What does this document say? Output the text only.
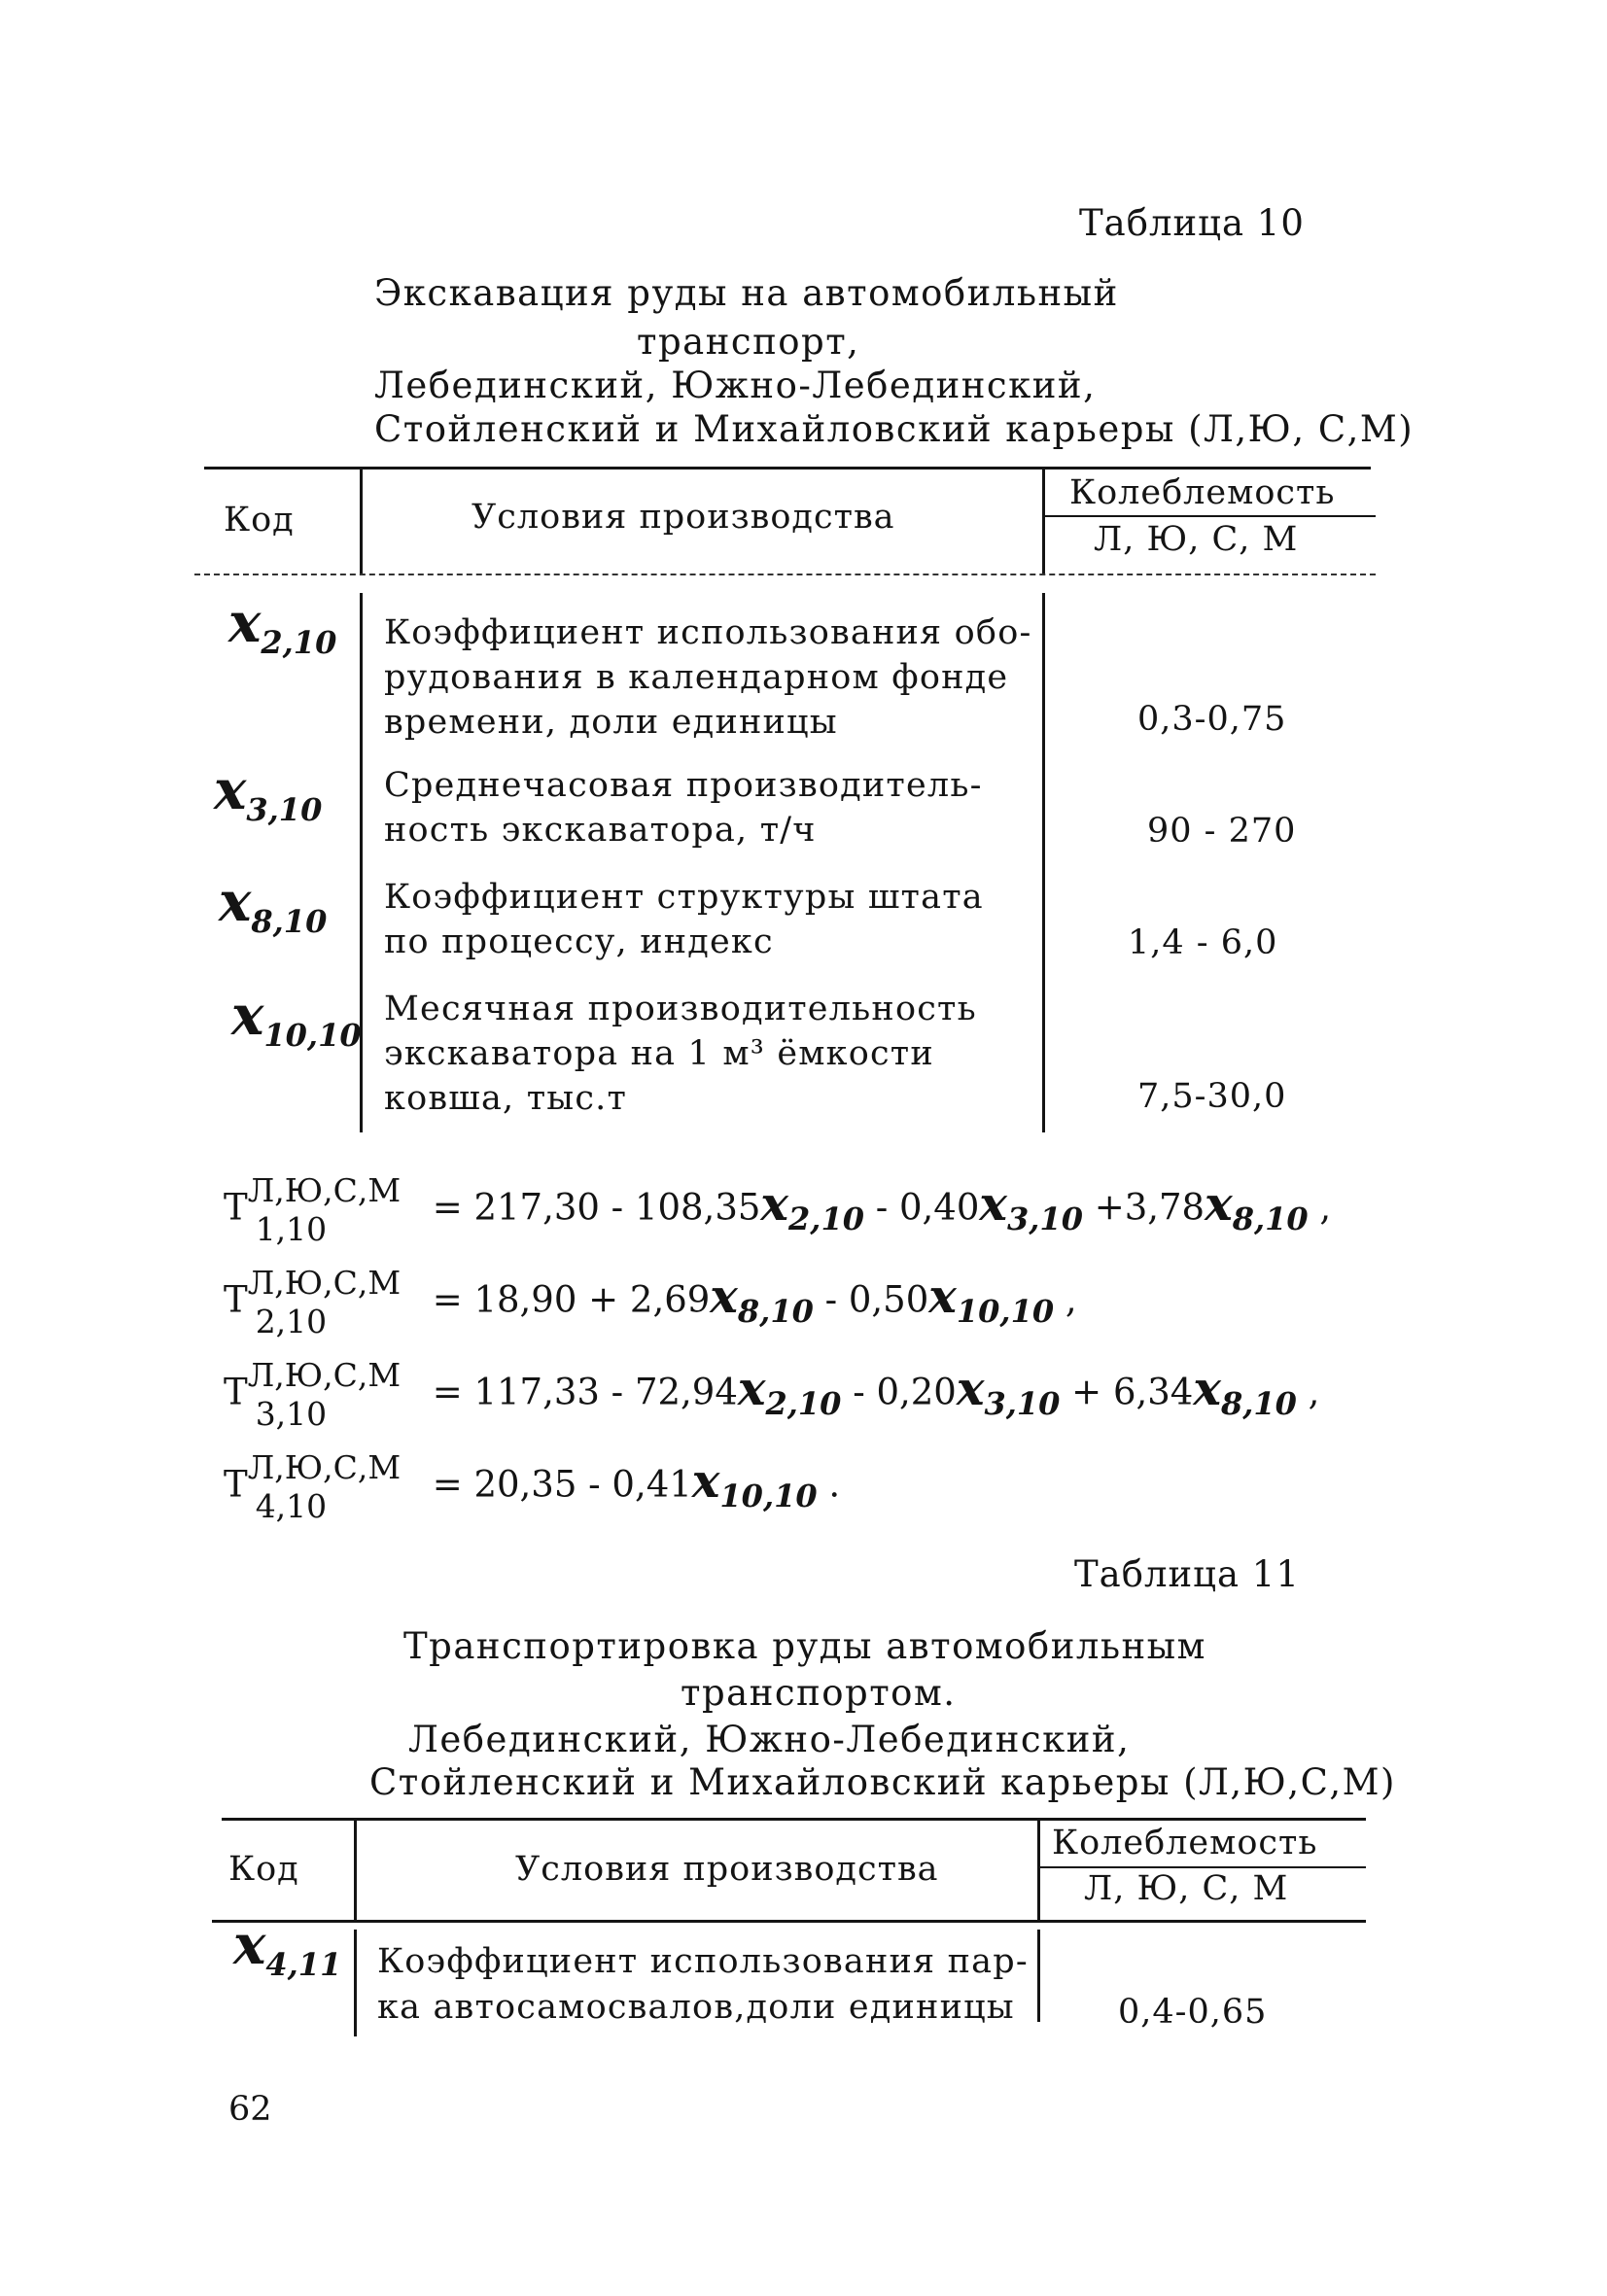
Таблица 10
Экскавация руды на автомобильный
транспорт,
Лебединский, Южно-Лебединский,
Стойленский и Михайловский карьеры (Л,Ю, С,М)
Код	Условия производства
Колеблемость
Л, Ю, С, М
$x_{2,10}$ Коэффициент использования обо-
рудования в календарном фонде
времени, доли единицы	0,3-0,75
$x_{3,10}$
Среднечасовая производитель-
ность экскаватора, т/ч	90 - 270
$x_{8,10}$
Коэффициент структуры штата
по процессу, индекс	1,4 - 6,0
$x_{10,10}$
Месячная производительность
экскаватора на 1 м³ ёмкости
ковша, тыс.т	7,5-30,0
T Л,Ю,С,М
1,10
= $217,30 - 108,35x_{2,10} - 0,40x_{3,10} +3,78x_{8,10}$ ,
T Л,Ю,С,М
2,10
= $18,90 + 2,69x_{8,10} - 0,50x_{10,10}$ ,
T Л,Ю,С,М
3,10
= $117,33 - 72,94x_{2,10} - 0,20x_{3,10} + 6,34x_{8,10}$ ,
T Л,Ю,С,М
4,10
= $20,35 - 0,41x_{10,10}$ .
Таблица 11
Транспортировка руды автомобильным
транспортом.
Лебединский, Южно-Лебединский,
Стойленский и Михайловский карьеры (Л,Ю,С,М)
Код	Условия производства
Колеблемость
Л, Ю, С, М
$x_{4,11}$ Коэффициент использования пар-
ка автосамосвалов,доли единицы	0,4-0,65
62
